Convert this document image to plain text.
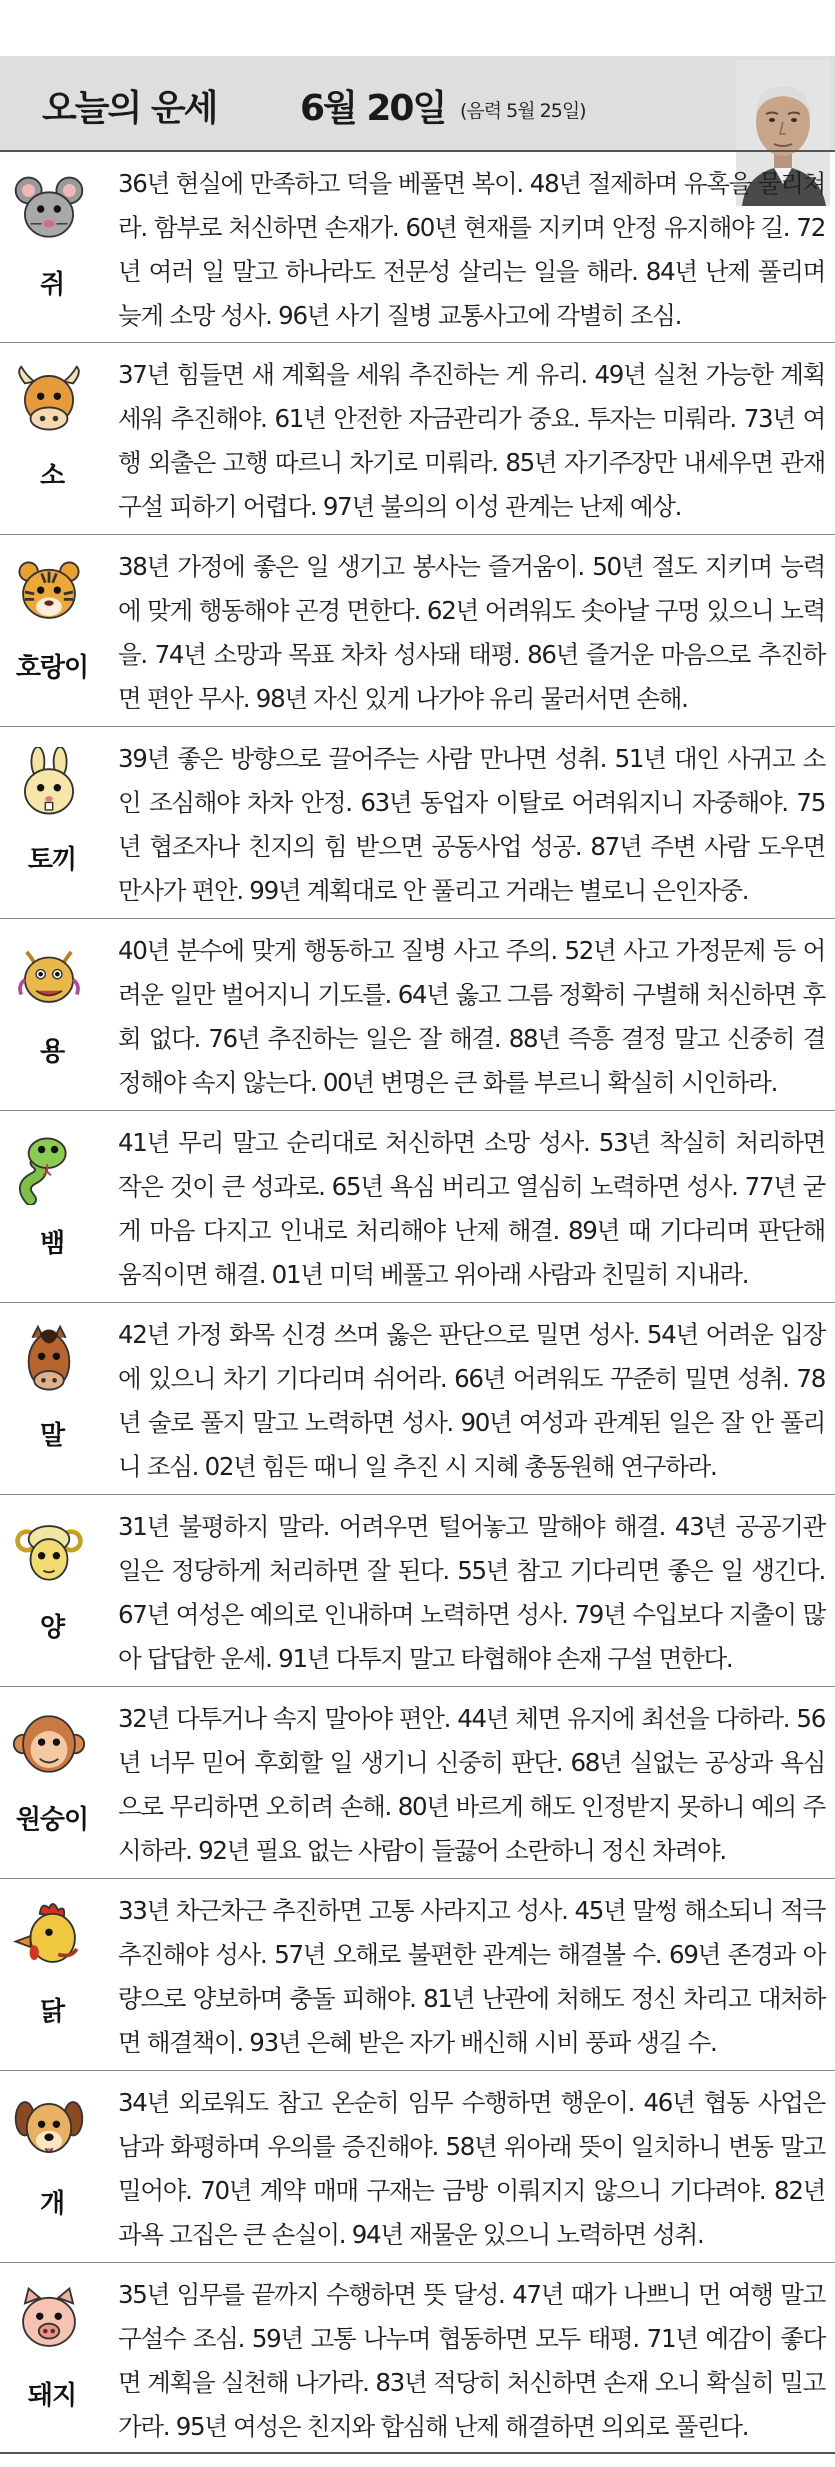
오늘의 운세 6월 20일 (음력 5월 25일)
쥐

36년 현실에 만족하고 덕을 베풀면 복이. 48년 절제하며 유혹을 물리쳐라. 함부로 처신하면 손재가. 60년 현재를 지키며 안정 유지해야 길. 72년 여러 일 말고 하나라도 전문성 살리는 일을 해라. 84년 난제 풀리며 늦게 소망 성사. 96년 사기 질병 교통사고에 각별히 조심.

소

37년 힘들면 새 계획을 세워 추진하는 게 유리. 49년 실천 가능한 계획 세워 추진해야. 61년 안전한 자금관리가 중요. 투자는 미뤄라. 73년 여행 외출은 고행 따르니 차기로 미뤄라. 85년 자기주장만 내세우면 관재구설 피하기 어렵다. 97년 불의의 이성 관계는 난제 예상.

호랑이

38년 가정에 좋은 일 생기고 봉사는 즐거움이. 50년 절도 지키며 능력에 맞게 행동해야 곤경 면한다. 62년 어려워도 솟아날 구멍 있으니 노력을. 74년 소망과 목표 차차 성사돼 태평. 86년 즐거운 마음으로 추진하면 편안 무사. 98년 자신 있게 나가야 유리 물러서면 손해.

토끼

39년 좋은 방향으로 끌어주는 사람 만나면 성취. 51년 대인 사귀고 소인 조심해야 차차 안정. 63년 동업자 이탈로 어려워지니 자중해야. 75년 협조자나 친지의 힘 받으면 공동사업 성공. 87년 주변 사람 도우면 만사가 편안. 99년 계획대로 안 풀리고 거래는 별로니 은인자중.

용

40년 분수에 맞게 행동하고 질병 사고 주의. 52년 사고 가정문제 등 어려운 일만 벌어지니 기도를. 64년 옳고 그름 정확히 구별해 처신하면 후회 없다. 76년 추진하는 일은 잘 해결. 88년 즉흥 결정 말고 신중히 결정해야 속지 않는다. 00년 변명은 큰 화를 부르니 확실히 시인하라.

뱀

41년 무리 말고 순리대로 처신하면 소망 성사. 53년 착실히 처리하면 작은 것이 큰 성과로. 65년 욕심 버리고 열심히 노력하면 성사. 77년 굳게 마음 다지고 인내로 처리해야 난제 해결. 89년 때 기다리며 판단해 움직이면 해결. 01년 미덕 베풀고 위아래 사람과 친밀히 지내라.

말

42년 가정 화목 신경 쓰며 옳은 판단으로 밀면 성사. 54년 어려운 입장에 있으니 차기 기다리며 쉬어라. 66년 어려워도 꾸준히 밀면 성취. 78년 술로 풀지 말고 노력하면 성사. 90년 여성과 관계된 일은 잘 안 풀리니 조심. 02년 힘든 때니 일 추진 시 지혜 총동원해 연구하라.

양

31년 불평하지 말라. 어려우면 털어놓고 말해야 해결. 43년 공공기관 일은 정당하게 처리하면 잘 된다. 55년 참고 기다리면 좋은 일 생긴다. 67년 여성은 예의로 인내하며 노력하면 성사. 79년 수입보다 지출이 많아 답답한 운세. 91년 다투지 말고 타협해야 손재 구설 면한다.

원숭이

32년 다투거나 속지 말아야 편안. 44년 체면 유지에 최선을 다하라. 56년 너무 믿어 후회할 일 생기니 신중히 판단. 68년 실없는 공상과 욕심으로 무리하면 오히려 손해. 80년 바르게 해도 인정받지 못하니 예의 주시하라. 92년 필요 없는 사람이 들끓어 소란하니 정신 차려야.

닭

33년 차근차근 추진하면 고통 사라지고 성사. 45년 말썽 해소되니 적극 추진해야 성사. 57년 오해로 불편한 관계는 해결볼 수. 69년 존경과 아량으로 양보하며 충돌 피해야. 81년 난관에 처해도 정신 차리고 대처하면 해결책이. 93년 은혜 받은 자가 배신해 시비 풍파 생길 수.

개

34년 외로워도 참고 온순히 임무 수행하면 행운이. 46년 협동 사업은 남과 화평하며 우의를 증진해야. 58년 위아래 뜻이 일치하니 변동 말고 밀어야. 70년 계약 매매 구재는 금방 이뤄지지 않으니 기다려야. 82년 과욕 고집은 큰 손실이. 94년 재물운 있으니 노력하면 성취.

돼지

35년 임무를 끝까지 수행하면 뜻 달성. 47년 때가 나쁘니 먼 여행 말고 구설수 조심. 59년 고통 나누며 협동하면 모두 태평. 71년 예감이 좋다면 계획을 실천해 나가라. 83년 적당히 처신하면 손재 오니 확실히 밀고 가라. 95년 여성은 친지와 합심해 난제 해결하면 의외로 풀린다.
